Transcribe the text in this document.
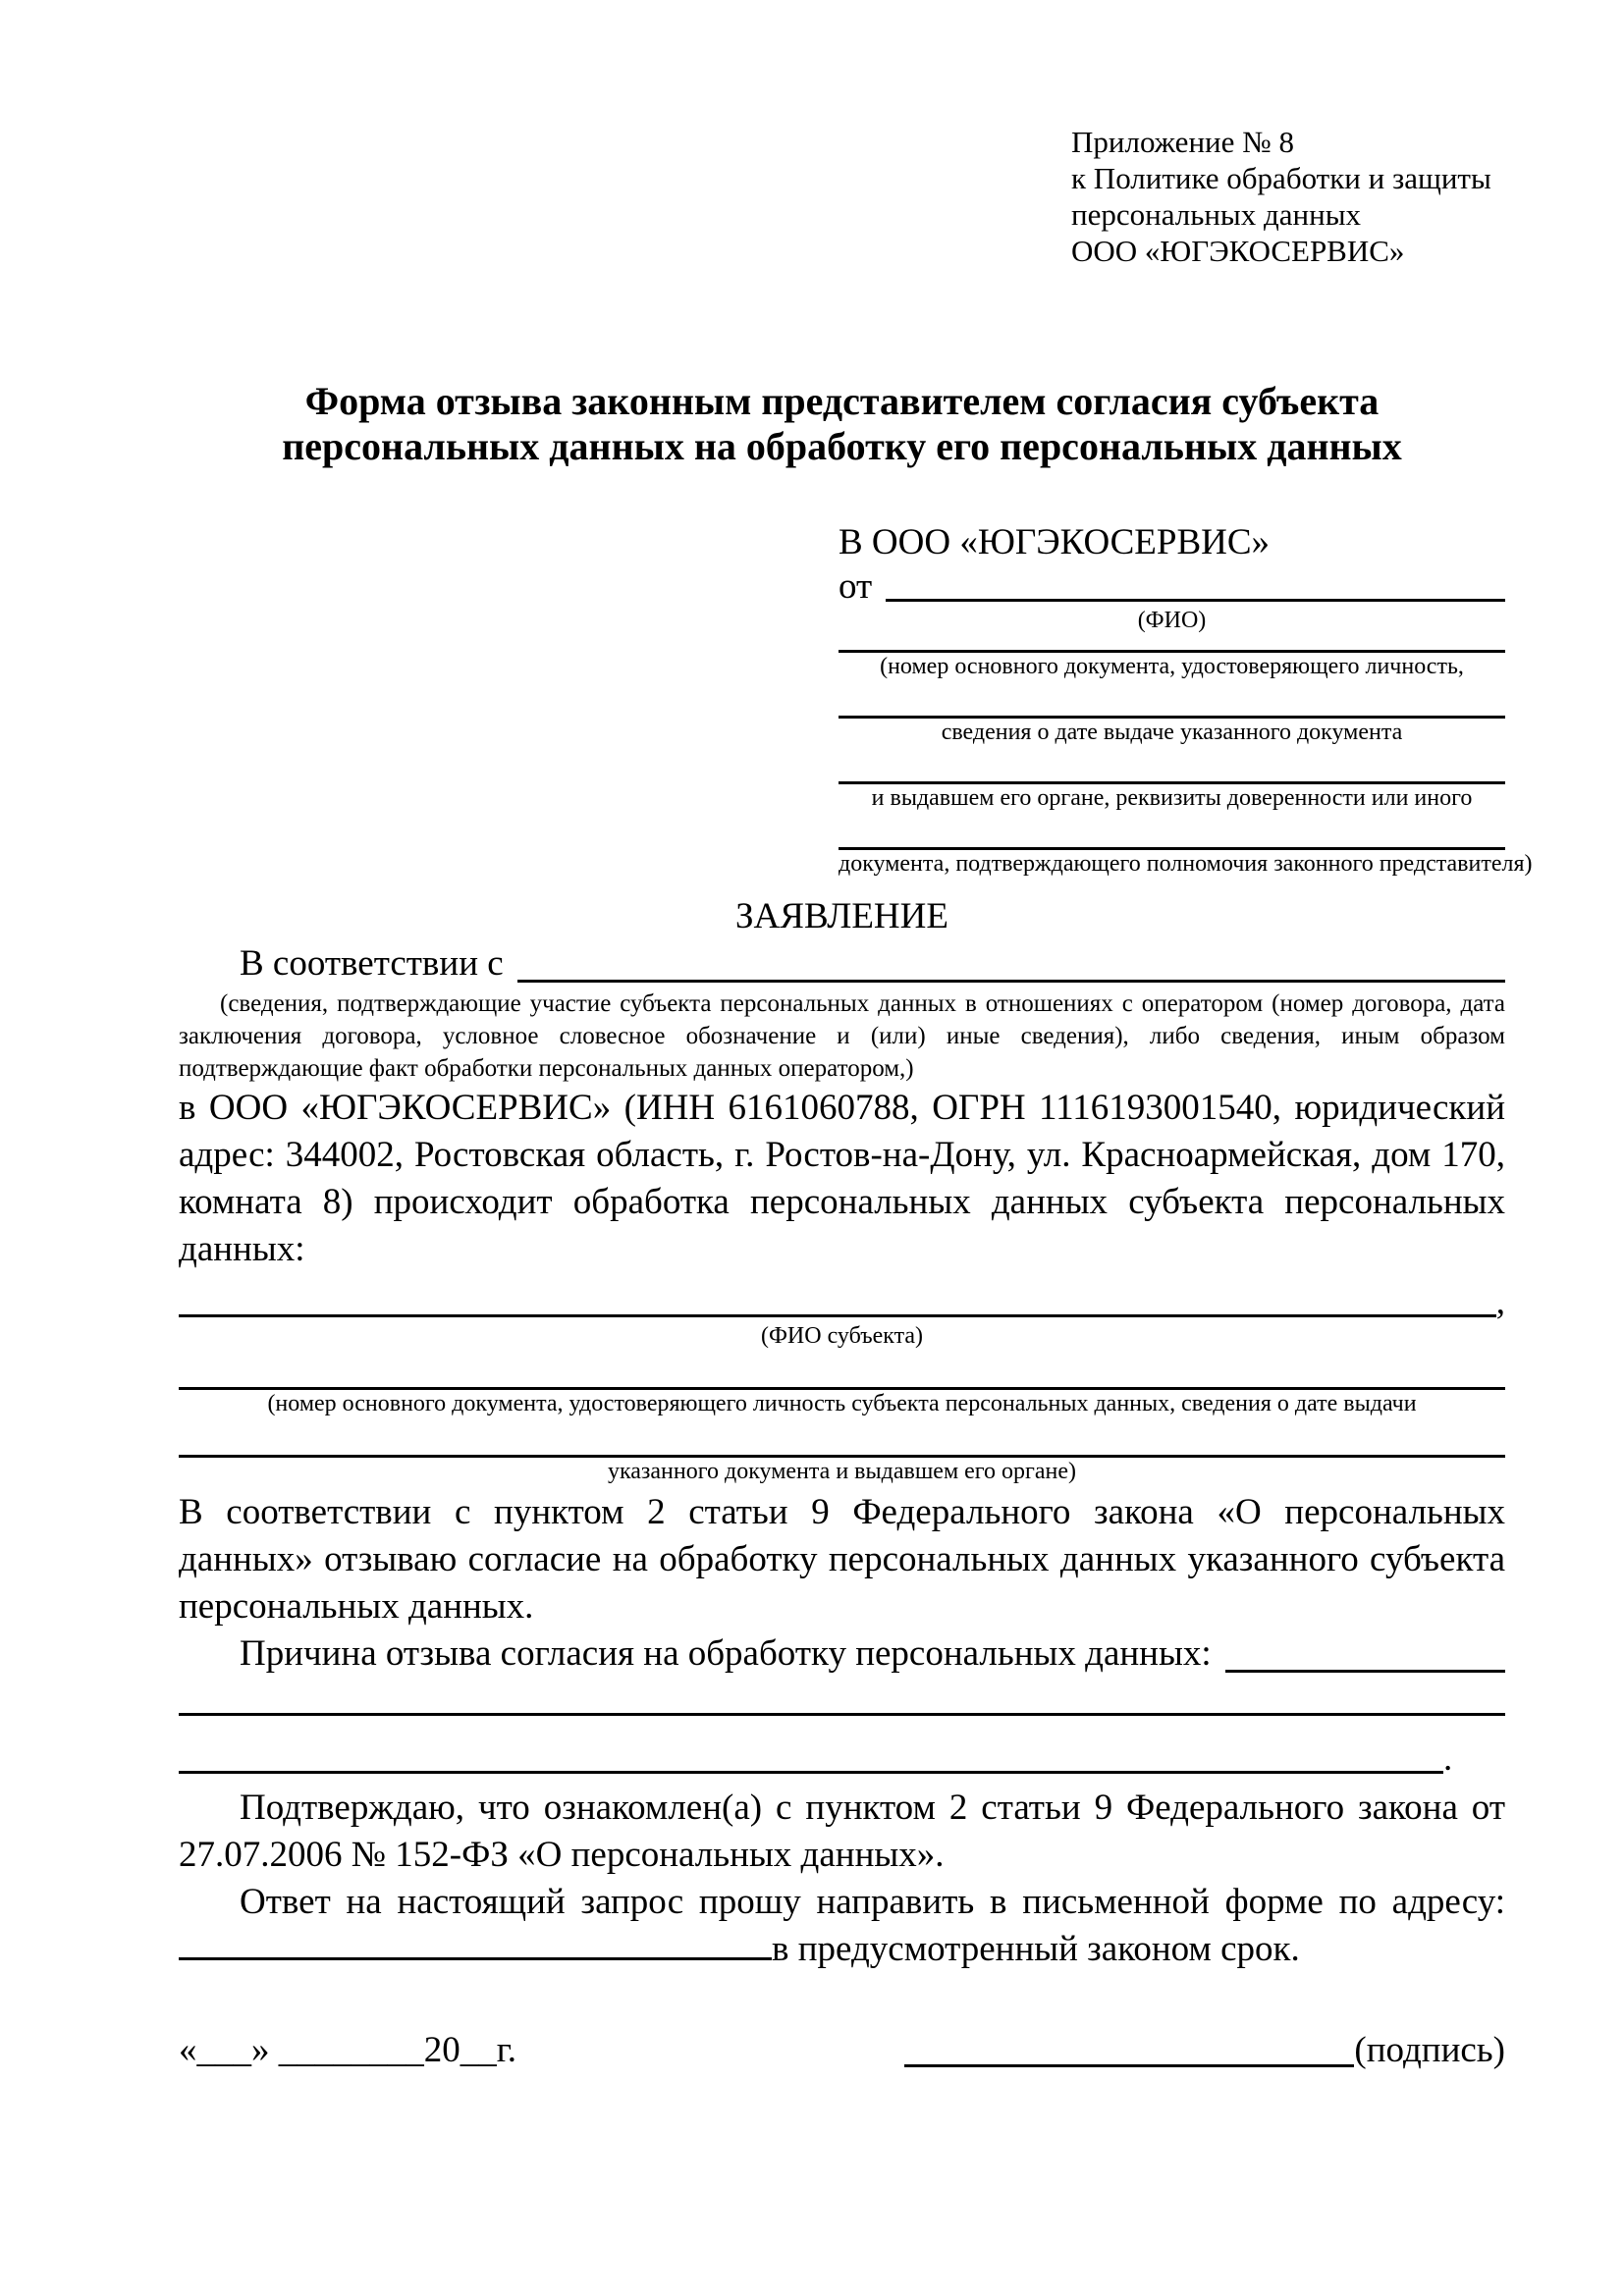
Приложение № 8
к Политике обработки и защиты
персональных данных
ООО «ЮГЭКОСЕРВИС»
Форма отзыва законным представителем согласия субъекта персональных данных на обработку его персональных данных
В ООО «ЮГЭКОСЕРВИС»
от
(ФИО)
(номер основного документа, удостоверяющего личность,
сведения о дате выдаче указанного документа
и выдавшем его органе, реквизиты доверенности или иного
документа, подтверждающего полномочия законного представителя)
ЗАЯВЛЕНИЕ
В соответствии с
(сведения, подтверждающие участие субъекта персональных данных в отношениях с оператором (номер договора, дата заключения договора, условное словесное обозначение и (или) иные сведения), либо сведения, иным образом подтверждающие факт обработки персональных данных оператором,)

в ООО «ЮГЭКОСЕРВИС» (ИНН 6161060788, ОГРН 1116193001540, юридический адрес: 344002, Ростовская область, г. Ростов-на-Дону, ул. Красноармейская, дом 170, комната 8) происходит обработка персональных данных субъекта персональных данных:

,
(ФИО субъекта)
(номер основного документа, удостоверяющего личность субъекта персональных данных, сведения о дате выдачи
указанного документа и выдавшем его органе)

В соответствии с пунктом 2 статьи 9 Федерального закона «О персональных данных» отзываю согласие на обработку персональных данных указанного субъекта персональных данных.

Причина отзыва согласия на обработку персональных данных:
.

Подтверждаю, что ознакомлен(а) с пунктом 2 статьи 9 Федерального закона от 27.07.2006 № 152-ФЗ «О персональных данных».

Ответ на настоящий запрос прошу направить в письменной форме по адресу: в предусмотренный законом срок.

«___» ________20__г.	(подпись)
